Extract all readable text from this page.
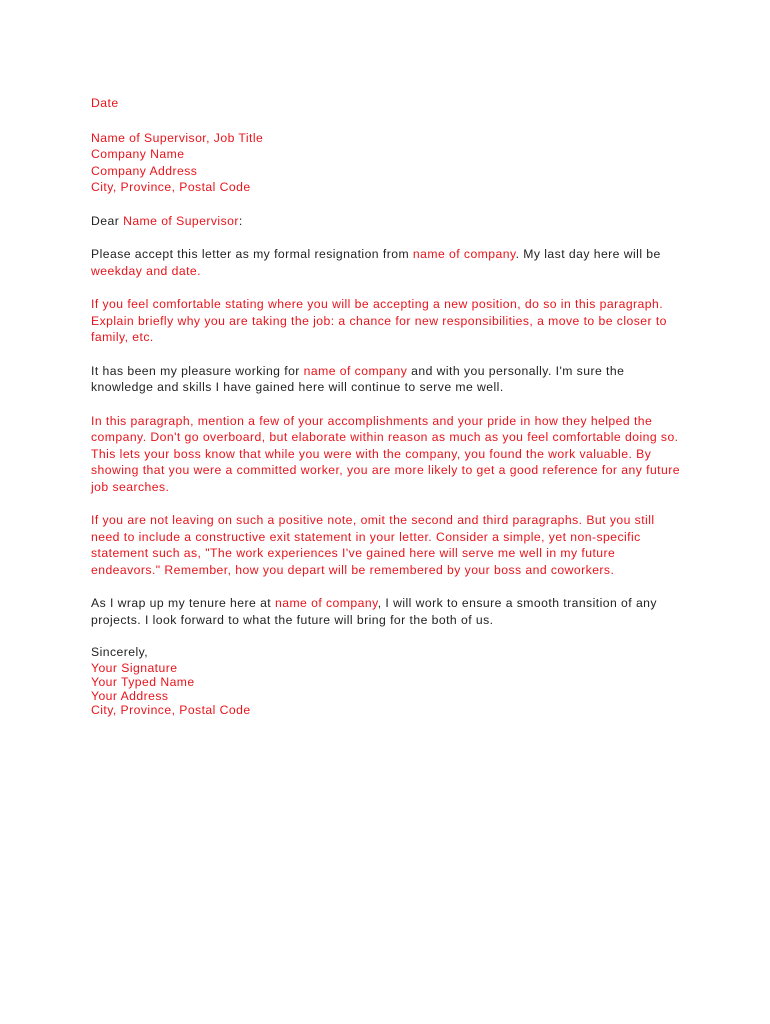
Date
Name of Supervisor, Job Title
Company Name
Company Address
City, Province, Postal Code
Dear Name of Supervisor:
Please accept this letter as my formal resignation from name of company. My last day here will be
weekday and date.
If you feel comfortable stating where you will be accepting a new position, do so in this paragraph.
Explain briefly why you are taking the job: a chance for new responsibilities, a move to be closer to
family, etc.
It has been my pleasure working for name of company and with you personally. I'm sure the
knowledge and skills I have gained here will continue to serve me well.
In this paragraph, mention a few of your accomplishments and your pride in how they helped the
company. Don't go overboard, but elaborate within reason as much as you feel comfortable doing so.
This lets your boss know that while you were with the company, you found the work valuable. By
showing that you were a committed worker, you are more likely to get a good reference for any future
job searches.
If you are not leaving on such a positive note, omit the second and third paragraphs. But you still
need to include a constructive exit statement in your letter. Consider a simple, yet non-specific
statement such as, "The work experiences I've gained here will serve me well in my future
endeavors." Remember, how you depart will be remembered by your boss and coworkers.
As I wrap up my tenure here at name of company, I will work to ensure a smooth transition of any
projects. I look forward to what the future will bring for the both of us.
Sincerely,
Your Signature
Your Typed Name
Your Address
City, Province, Postal Code
